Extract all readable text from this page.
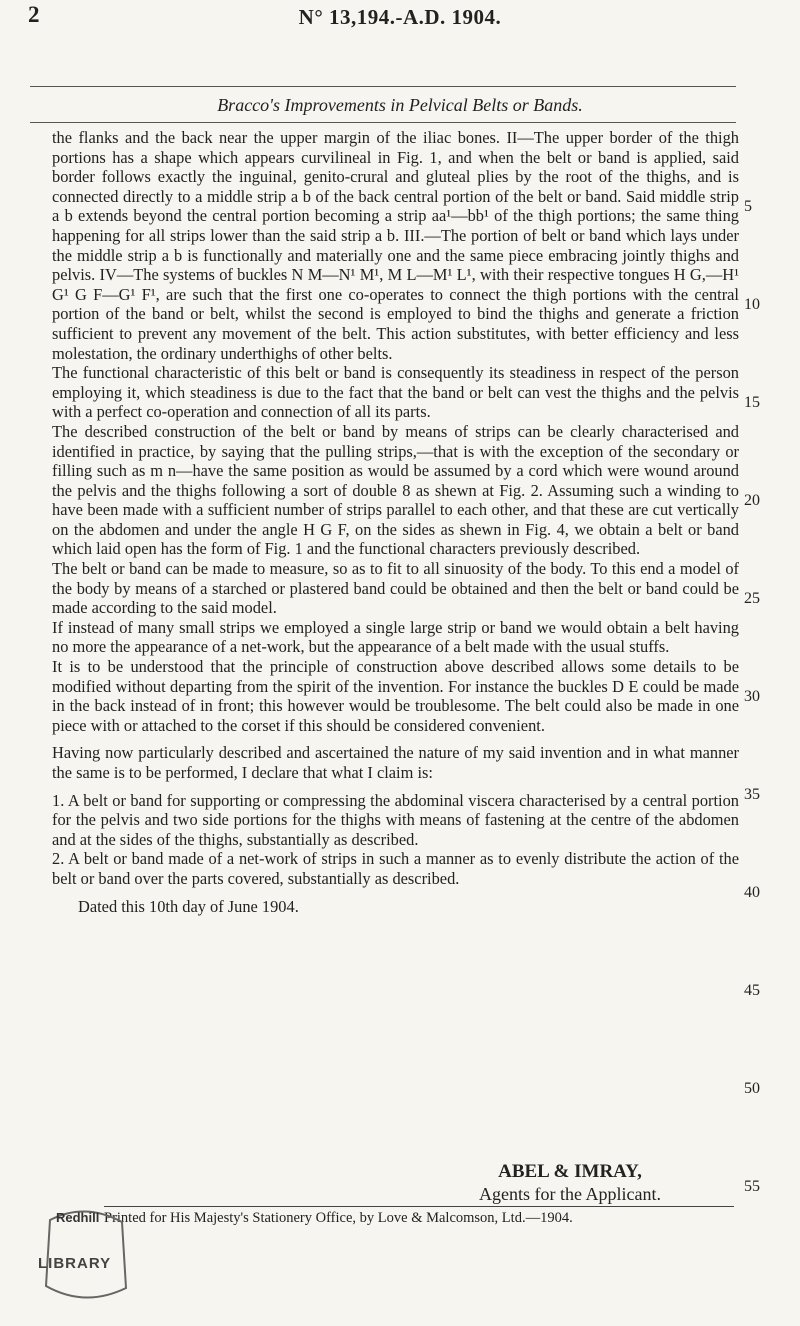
2	N° 13,194.-A.D. 1904.
Bracco's Improvements in Pelvical Belts or Bands.

the flanks and the back near the upper margin of the iliac bones. II—The upper border of the thigh portions has a shape which appears curvilineal in Fig. 1, and when the belt or band is applied, said border follows exactly the inguinal, genito-crural and gluteal plies by the root of the thighs, and is connected directly to a middle strip a b of the back central portion of the belt or band. Said middle strip a b extends beyond the central portion becoming a strip aa¹—bb¹ of the thigh portions; the same thing happening for all strips lower than the said strip a b. III.—The portion of belt or band which lays under the middle strip a b is functionally and materially one and the same piece embracing jointly thighs and pelvis. IV—The systems of buckles N M—N¹ M¹, M L—M¹ L¹, with their respective tongues H G,—H¹ G¹ G F—G¹ F¹, are such that the first one co-operates to connect the thigh portions with the central portion of the band or belt, whilst the second is employed to bind the thighs and generate a friction sufficient to prevent any movement of the belt. This action substitutes, with better efficiency and less molestation, the ordinary underthighs of other belts.

The functional characteristic of this belt or band is consequently its steadiness in respect of the person employing it, which steadiness is due to the fact that the band or belt can vest the thighs and the pelvis with a perfect co-operation and connection of all its parts.

The described construction of the belt or band by means of strips can be clearly characterised and identified in practice, by saying that the pulling strips,—that is with the exception of the secondary or filling such as m n—have the same position as would be assumed by a cord which were wound around the pelvis and the thighs following a sort of double 8 as shewn at Fig. 2. Assuming such a winding to have been made with a sufficient number of strips parallel to each other, and that these are cut vertically on the abdomen and under the angle H G F, on the sides as shewn in Fig. 4, we obtain a belt or band which laid open has the form of Fig. 1 and the functional characters previously described.

The belt or band can be made to measure, so as to fit to all sinuosity of the body. To this end a model of the body by means of a starched or plastered band could be obtained and then the belt or band could be made according to the said model.

If instead of many small strips we employed a single large strip or band we would obtain a belt having no more the appearance of a net-work, but the appearance of a belt made with the usual stuffs.

It is to be understood that the principle of construction above described allows some details to be modified without departing from the spirit of the invention. For instance the buckles D E could be made in the back instead of in front; this however would be troublesome. The belt could also be made in one piece with or attached to the corset if this should be considered convenient.

Having now particularly described and ascertained the nature of my said invention and in what manner the same is to be performed, I declare that what I claim is:

1. A belt or band for supporting or compressing the abdominal viscera characterised by a central portion for the pelvis and two side portions for the thighs with means of fastening at the centre of the abdomen and at the sides of the thighs, substantially as described.

2. A belt or band made of a net-work of strips in such a manner as to evenly distribute the action of the belt or band over the parts covered, substantially as described.

Dated this 10th day of June 1904.

ABEL & IMRAY,
Agents for the Applicant.
Printed for His Majesty's Stationery Office, by Love & Malcomson, Ltd.—1904.
Redhill
LIBRARY
5
10
15
20
25
30
35
40
45
50
55
